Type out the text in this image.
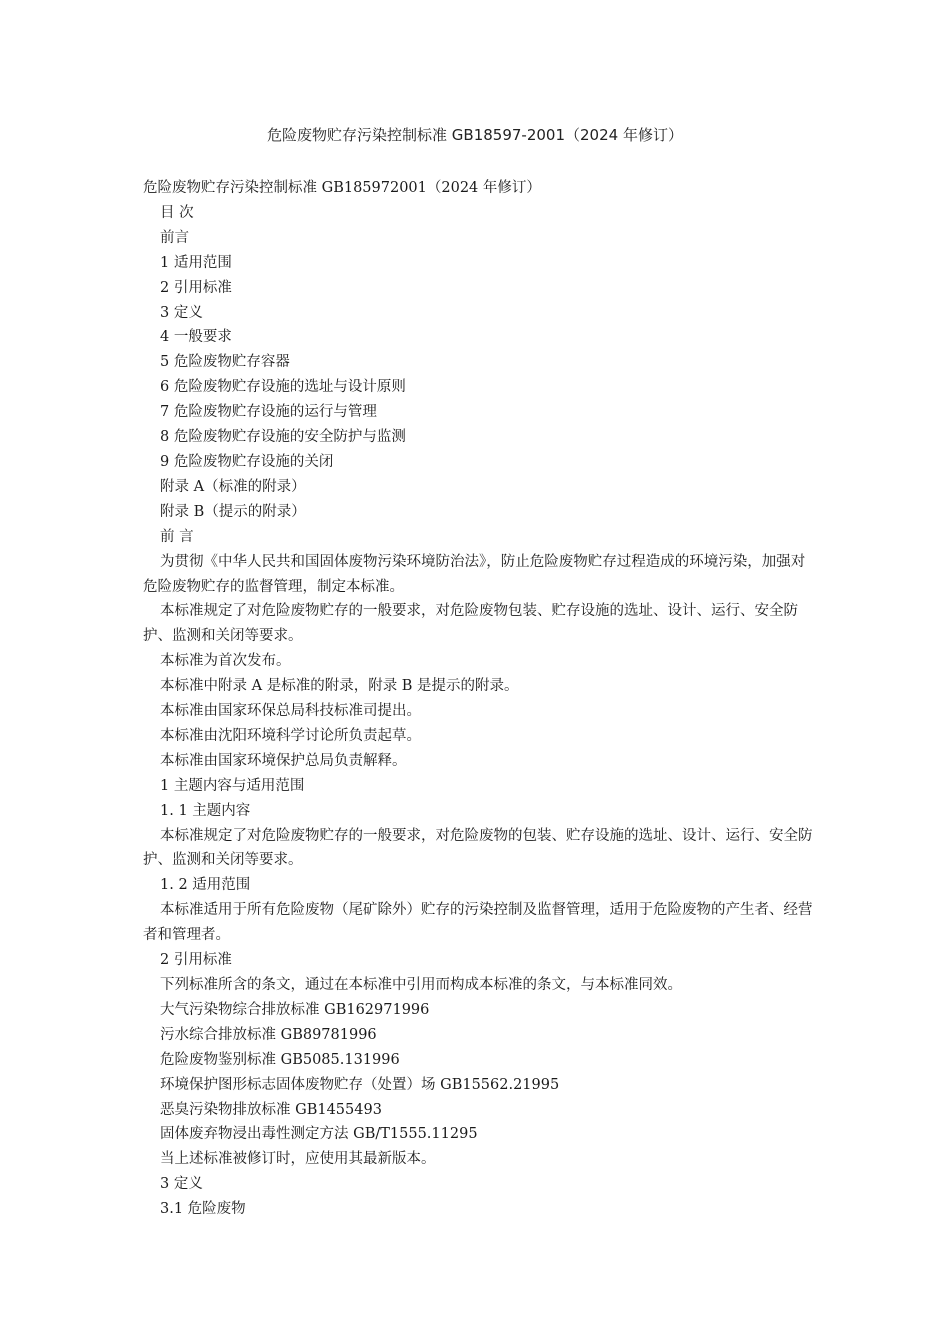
危险废物贮存污染控制标准 GB18597-2001（2024 年修订）
危险废物贮存污染控制标准 GB185972001（2024 年修订）
目 次
前言
1 适用范围
2 引用标准
3 定义
4 一般要求
5 危险废物贮存容器
6 危险废物贮存设施的选址与设计原则
7 危险废物贮存设施的运行与管理
8 危险废物贮存设施的安全防护与监测
9 危险废物贮存设施的关闭
附录 A（标准的附录）
附录 B（提示的附录）
前 言
为贯彻《中华人民共和国固体废物污染环境防治法》，防止危险废物贮存过程造成的环境污染，加强对危险废物贮存的监督管理，制定本标准。
本标准规定了对危险废物贮存的一般要求，对危险废物包装、贮存设施的选址、设计、运行、安全防护、监测和关闭等要求。
本标准为首次发布。
本标准中附录 A 是标准的附录，附录 B 是提示的附录。
本标准由国家环保总局科技标准司提出。
本标准由沈阳环境科学讨论所负责起草。
本标准由国家环境保护总局负责解释。
1 主题内容与适用范围
1. 1 主题内容
本标准规定了对危险废物贮存的一般要求，对危险废物的包装、贮存设施的选址、设计、运行、安全防护、监测和关闭等要求。
1. 2 适用范围
本标准适用于所有危险废物（尾矿除外）贮存的污染控制及监督管理，适用于危险废物的产生者、经营者和管理者。
2 引用标准
下列标准所含的条文，通过在本标准中引用而构成本标准的条文，与本标准同效。
大气污染物综合排放标准 GB162971996
污水综合排放标准 GB89781996
危险废物鉴别标准 GB5085.131996
环境保护图形标志固体废物贮存（处置）场 GB15562.21995
恶臭污染物排放标准 GB1455493
固体废弃物浸出毒性测定方法 GB/T1555.11295
当上述标准被修订时，应使用其最新版本。
3 定义
3.1 危险废物
